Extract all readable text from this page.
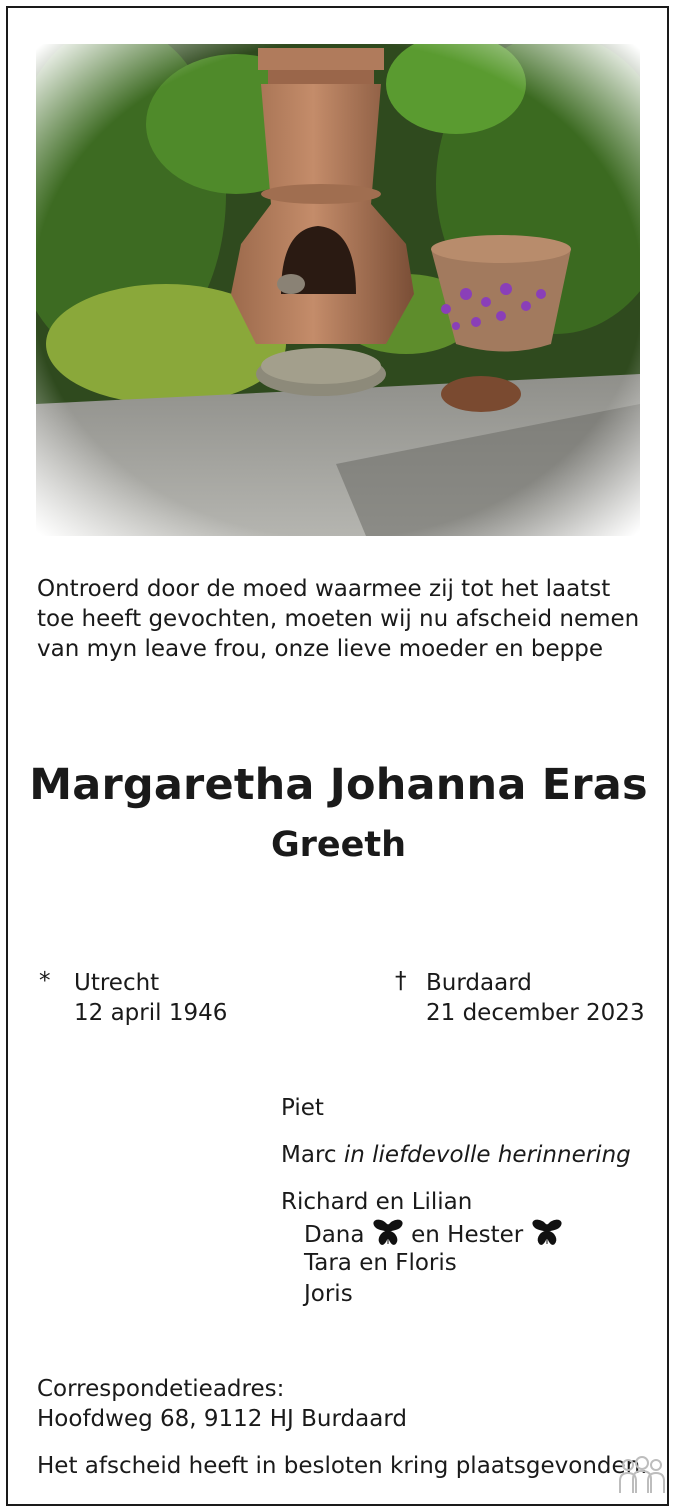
Ontroerd door de moed waarmee zij tot het laatst
toe heeft gevochten, moeten wij nu afscheid nemen
van myn leave frou, onze lieve moeder en beppe
Margaretha Johanna Eras
Greeth
* Utrecht
12 april 1946
† Burdaard
21 december 2023
Piet
Marc in liefdevolle herinnering
Richard en Lilian
Dana en Hester
Tara en Floris
Joris
Correspondetieadres:
Hoofdweg 68, 9112 HJ Burdaard
Het afscheid heeft in besloten kring plaatsgevonden.
